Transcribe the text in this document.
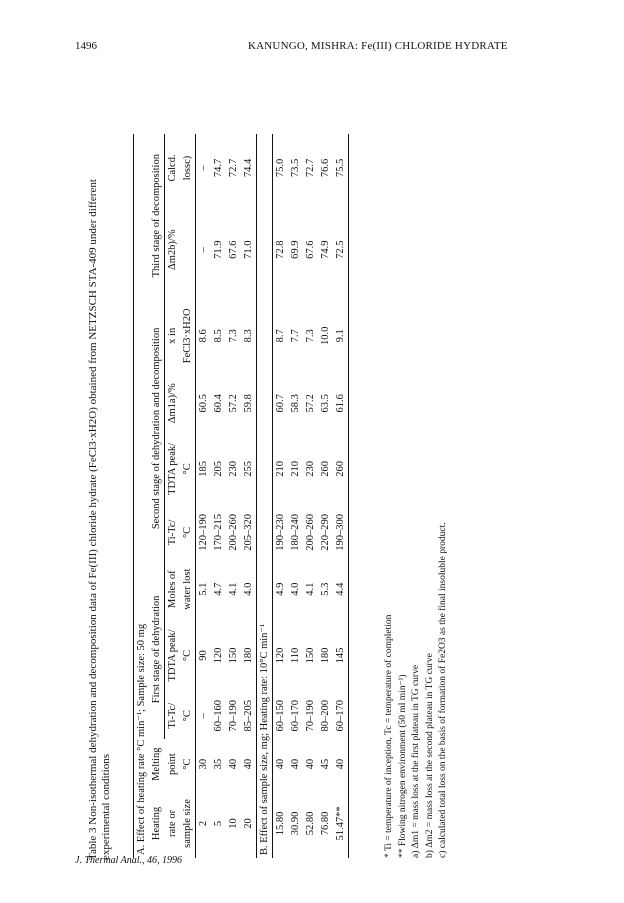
1496	KANUNGO, MISHRA: Fe(III) CHLORIDE HYDRATE
Table 3 Non-isothermal dehydration and decomposition data of Fe(III) chloride hydrate (FeCl3·xH2O) obtained from NETZSCH STA-409 under different experimental conditions A. Effect of heating rate °C min⁻¹; Sample size: 50 mg										
Heating	Melting	First stage of dehydration			Second stage of dehydration and decomposition				Third stage of decomposition	
rate or	point	Ti-Tc/	TDTA peak/	Moles of	Ti-Tc/	TDTA peak/	Δm1a)/%	x in	Δm2b)/%	Calcd.
sample size	°C	°C	°C	water lost	°C	°C		FeCl3·xH2O		lossc)
2	30	–	90	5.1	120–190	185	60.5	8.6	–	–
5	35	60–160	120	4.7	170–215	205	60.4	8.5	71.9	74.7
10	40	70–190	150	4.1	200–260	230	57.2	7.3	67.6	72.7
20	40	85–205	180	4.0	205–320	255	59.8	8.3	71.0	74.4
B. Effect of sample size, mg; Heating rate: 10°C min⁻¹										
15.80	40	60–150	120	4.9	190–230	210	60.7	8.7	72.8	75.0
30.90	40	60–170	110	4.0	180–240	210	58.3	7.7	69.9	73.5
52.80	40	70–190	150	4.1	200–260	230	57.2	7.3	67.6	72.7
76.80	45	80–200	180	5.3	220–290	260	63.5	10.0	74.9	76.6
51.47**	40	60–170	145	4.4	190–300	260	61.6	9.1	72.5	75.5
* Ti = temperature of inception, Tc = temperature of completion ** Flowing nitrogen environment (50 ml min⁻¹) a) Δm1 = mass loss at the first plateau in TG curve b) Δm2 = mass loss at the second plateau in TG curve c) calculated total loss on the basis of formation of Fe2O3 as the final insoluble product.
J. Thermal Anal., 46, 1996
